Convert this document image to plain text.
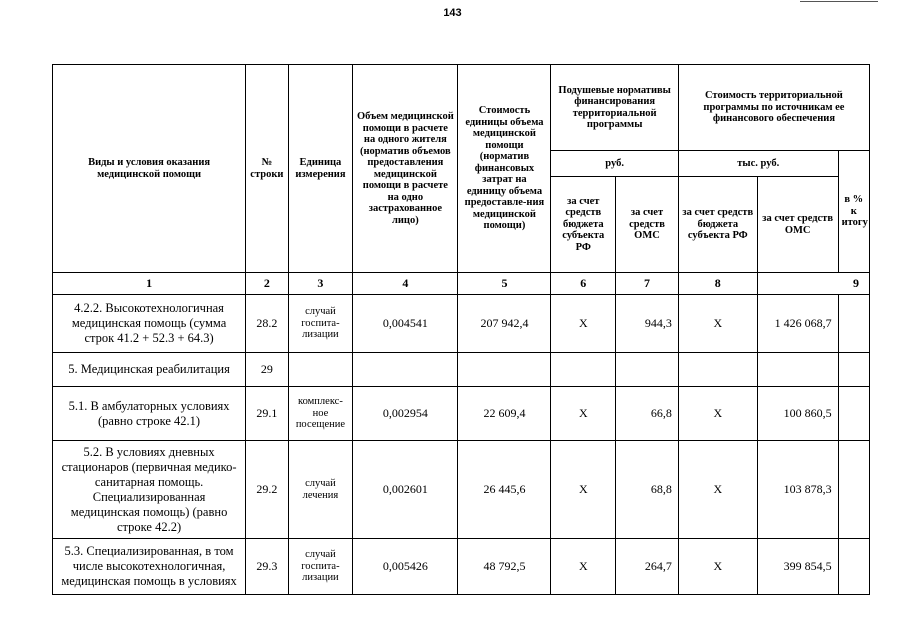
143
Виды и условия оказания медицинской помощи	№ строки	Единица измерения	Объем медицинской помощи в расчете на одного жителя (норматив объемов предоставления медицинской помощи в расчете на одно застрахованное лицо)	Стоимость единицы объема медицинской помощи (норматив финансовых затрат на единицу объема предоставле-ния медицинской помощи)	Подушевые нормативы финансирования территориальной программы		Стоимость территориальной программы по источникам ее финансового обеспечения		
					руб.		тыс. руб.		в % к итогу
					за счет средств бюджета субъекта РФ	за счет средств ОМС	за счет средств бюджета субъекта РФ	за счет средств ОМС	
1	2	3	4	5	6	7	8	9	
4.2.2. Высокотехнологичная медицинская помощь (сумма строк 41.2 + 52.3 + 64.3)	28.2	случай госпита-лизации	0,004541	207 942,4	Х	944,3	Х	1 426 068,7	
5. Медицинская реабилитация	29								
5.1. В амбулаторных условиях (равно строке 42.1)	29.1	комплекс-ное посещение	0,002954	22 609,4	Х	66,8	Х	100 860,5	
5.2. В условиях дневных стационаров (первичная медико-санитарная помощь. Специализированная медицинская помощь) (равно строке 42.2)	29.2	случай лечения	0,002601	26 445,6	Х	68,8	Х	103 878,3	
5.3. Специализированная, в том числе высокотехнологичная, медицинская помощь в условиях	29.3	случай госпита-лизации	0,005426	48 792,5	Х	264,7	Х	399 854,5	
